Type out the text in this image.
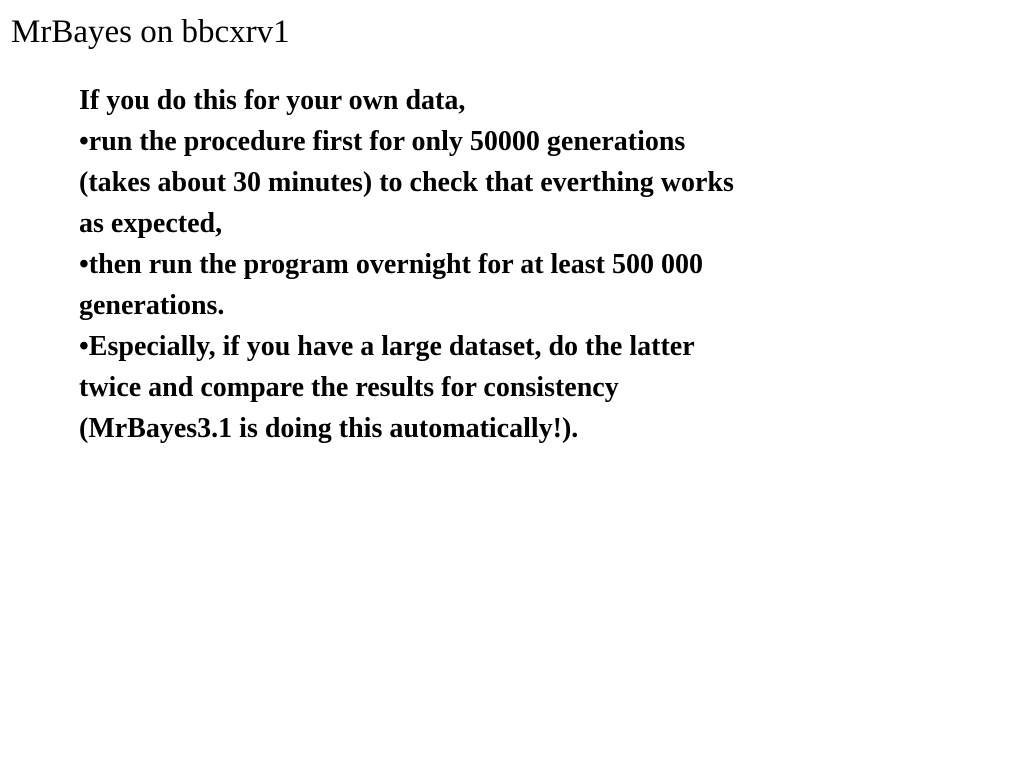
MrBayes on bbcxrv1
If you do this for your own data,
•run the procedure first for only 50000 generations
(takes about 30 minutes) to check that everthing works
as expected,
•then run the program overnight for at least 500 000
generations.
•Especially, if you have a large dataset, do the latter
twice and compare the results for consistency
(MrBayes3.1 is doing this automatically!).
